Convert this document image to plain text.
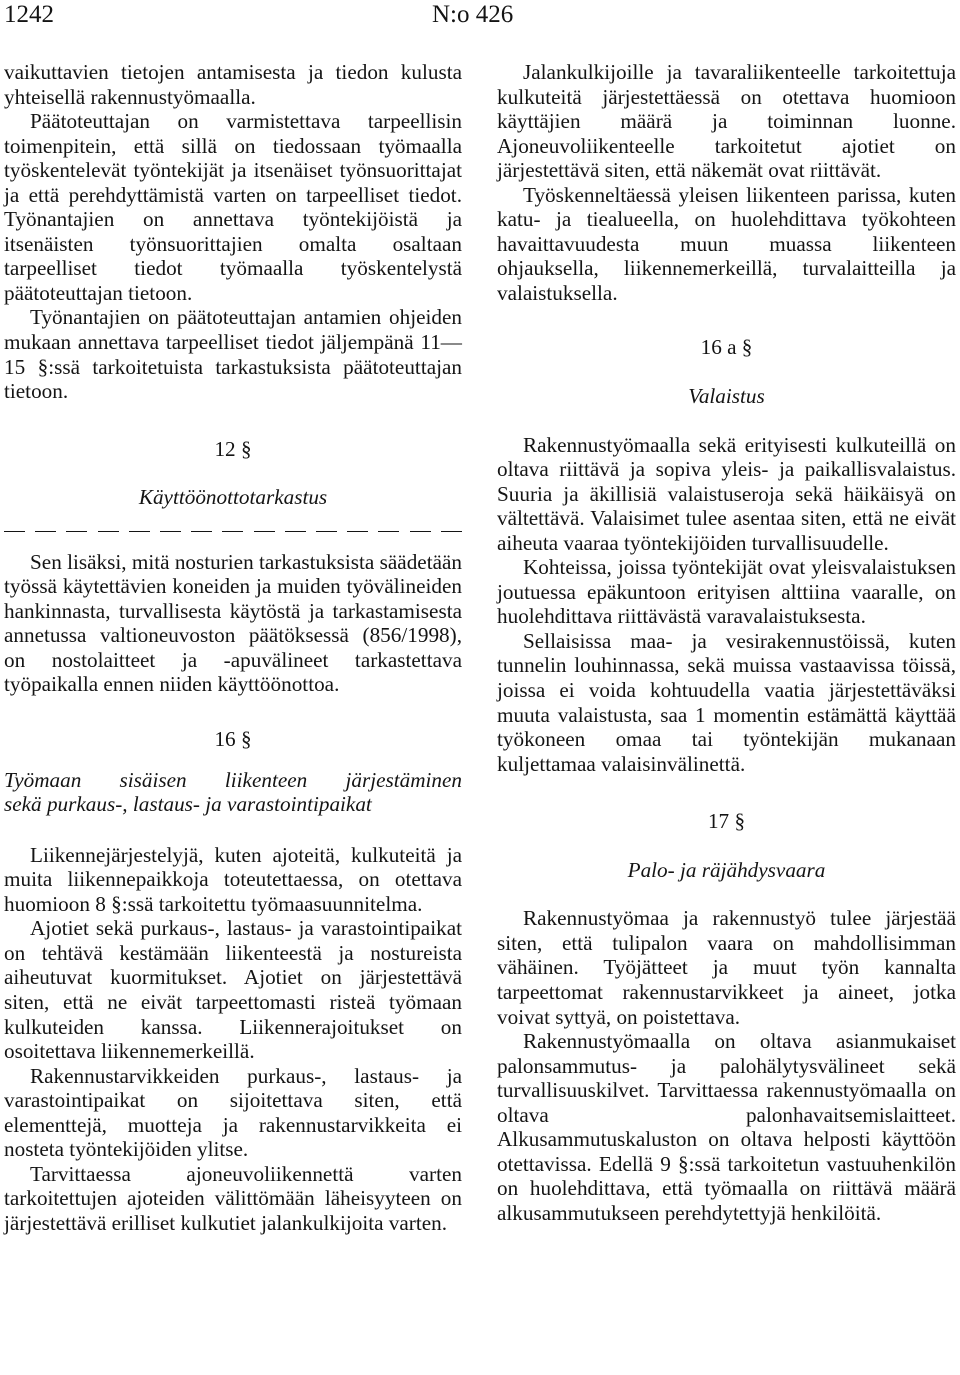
1242	N:o 426

vaikuttavien tietojen antamisesta ja tiedon kulusta yhteisellä rakennustyömaalla.

Päätoteuttajan on varmistettava tarpeellisin toimenpitein, että sillä on tiedossaan työmaalla työskentelevät työntekijät ja itsenäiset työnsuorittajat ja että perehdyttämistä varten on tarpeelliset tiedot. Työnantajien on annettava työntekijöistä ja itsenäisten työnsuorittajien omalta osaltaan tarpeelliset tiedot työmaalla työskentelystä päätoteuttajan tietoon.

Työnantajien on päätoteuttajan antamien ohjeiden mukaan annettava tarpeelliset tiedot jäljempänä 11—15 §:ssä tarkoitetuista tarkastuksista päätoteuttajan tietoon.

12 §

Käyttöönottotarkastus

Sen lisäksi, mitä nosturien tarkastuksista säädetään työssä käytettävien koneiden ja muiden työvälineiden hankinnasta, turvallisesta käytöstä ja tarkastamisesta annetussa valtioneuvoston päätöksessä (856/1998), on nostolaitteet ja -apuvälineet tarkastettava työpaikalla ennen niiden käyttöönottoa.

16 §

Työmaan sisäisen liikenteen järjestäminen

sekä purkaus-, lastaus- ja varastointipaikat

Liikennejärjestelyjä, kuten ajoteitä, kulkuteitä ja muita liikennepaikkoja toteutettaessa, on otettava huomioon 8 §:ssä tarkoitettu työmaasuunnitelma.

Ajotiet sekä purkaus-, lastaus- ja varastointipaikat on tehtävä kestämään liikenteestä ja nostureista aiheutuvat kuormitukset. Ajotiet on järjestettävä siten, että ne eivät tarpeettomasti risteä työmaan kulkuteiden kanssa. Liikennerajoitukset on osoitettava liikennemerkeillä.

Rakennustarvikkeiden purkaus-, lastaus- ja varastointipaikat on sijoitettava siten, että elementtejä, muotteja ja rakennustarvikkeita ei nosteta työntekijöiden ylitse.

Tarvittaessa ajoneuvoliikennettä varten tarkoitettujen ajoteiden välittömään läheisyyteen on järjestettävä erilliset kulkutiet jalankulkijoita varten.

Jalankulkijoille ja tavaraliikenteelle tarkoitettuja kulkuteitä järjestettäessä on otettava huomioon käyttäjien määrä ja toiminnan luonne. Ajoneuvoliikenteelle tarkoitetut ajotiet on järjestettävä siten, että näkemät ovat riittävät.

Työskenneltäessä yleisen liikenteen parissa, kuten katu- ja tiealueella, on huolehdittava työkohteen havaittavuudesta muun muassa liikenteen ohjauksella, liikennemerkeillä, turvalaitteilla ja valaistuksella.

16 a §

Valaistus

Rakennustyömaalla sekä erityisesti kulkuteillä on oltava riittävä ja sopiva yleis- ja paikallisvalaistus. Suuria ja äkillisiä valaistuseroja sekä häikäisyä on vältettävä. Valaisimet tulee asentaa siten, että ne eivät aiheuta vaaraa työntekijöiden turvallisuudelle.

Kohteissa, joissa työntekijät ovat yleisvalaistuksen joutuessa epäkuntoon erityisen alttiina vaaralle, on huolehdittava riittävästä varavalaistuksesta.

Sellaisissa maa- ja vesirakennustöissä, kuten tunnelin louhinnassa, sekä muissa vastaavissa töissä, joissa ei voida kohtuudella vaatia järjestettäväksi muuta valaistusta, saa 1 momentin estämättä käyttää työkoneen omaa tai työntekijän mukanaan kuljettamaa valaisinvälinettä.

17 §

Palo- ja räjähdysvaara

Rakennustyömaa ja rakennustyö tulee järjestää siten, että tulipalon vaara on mahdollisimman vähäinen. Työjätteet ja muut työn kannalta tarpeettomat rakennustarvikkeet ja aineet, jotka voivat syttyä, on poistettava.

Rakennustyömaalla on oltava asianmukaiset palonsammutus- ja palohälytysvälineet sekä turvallisuuskilvet. Tarvittaessa rakennustyömaalla on oltava palonhavaitsemislaitteet. Alkusammutuskaluston on oltava helposti käyttöön otettavissa. Edellä 9 §:ssä tarkoitetun vastuuhenkilön on huolehdittava, että työmaalla on riittävä määrä alkusammutukseen perehdytettyjä henkilöitä.
